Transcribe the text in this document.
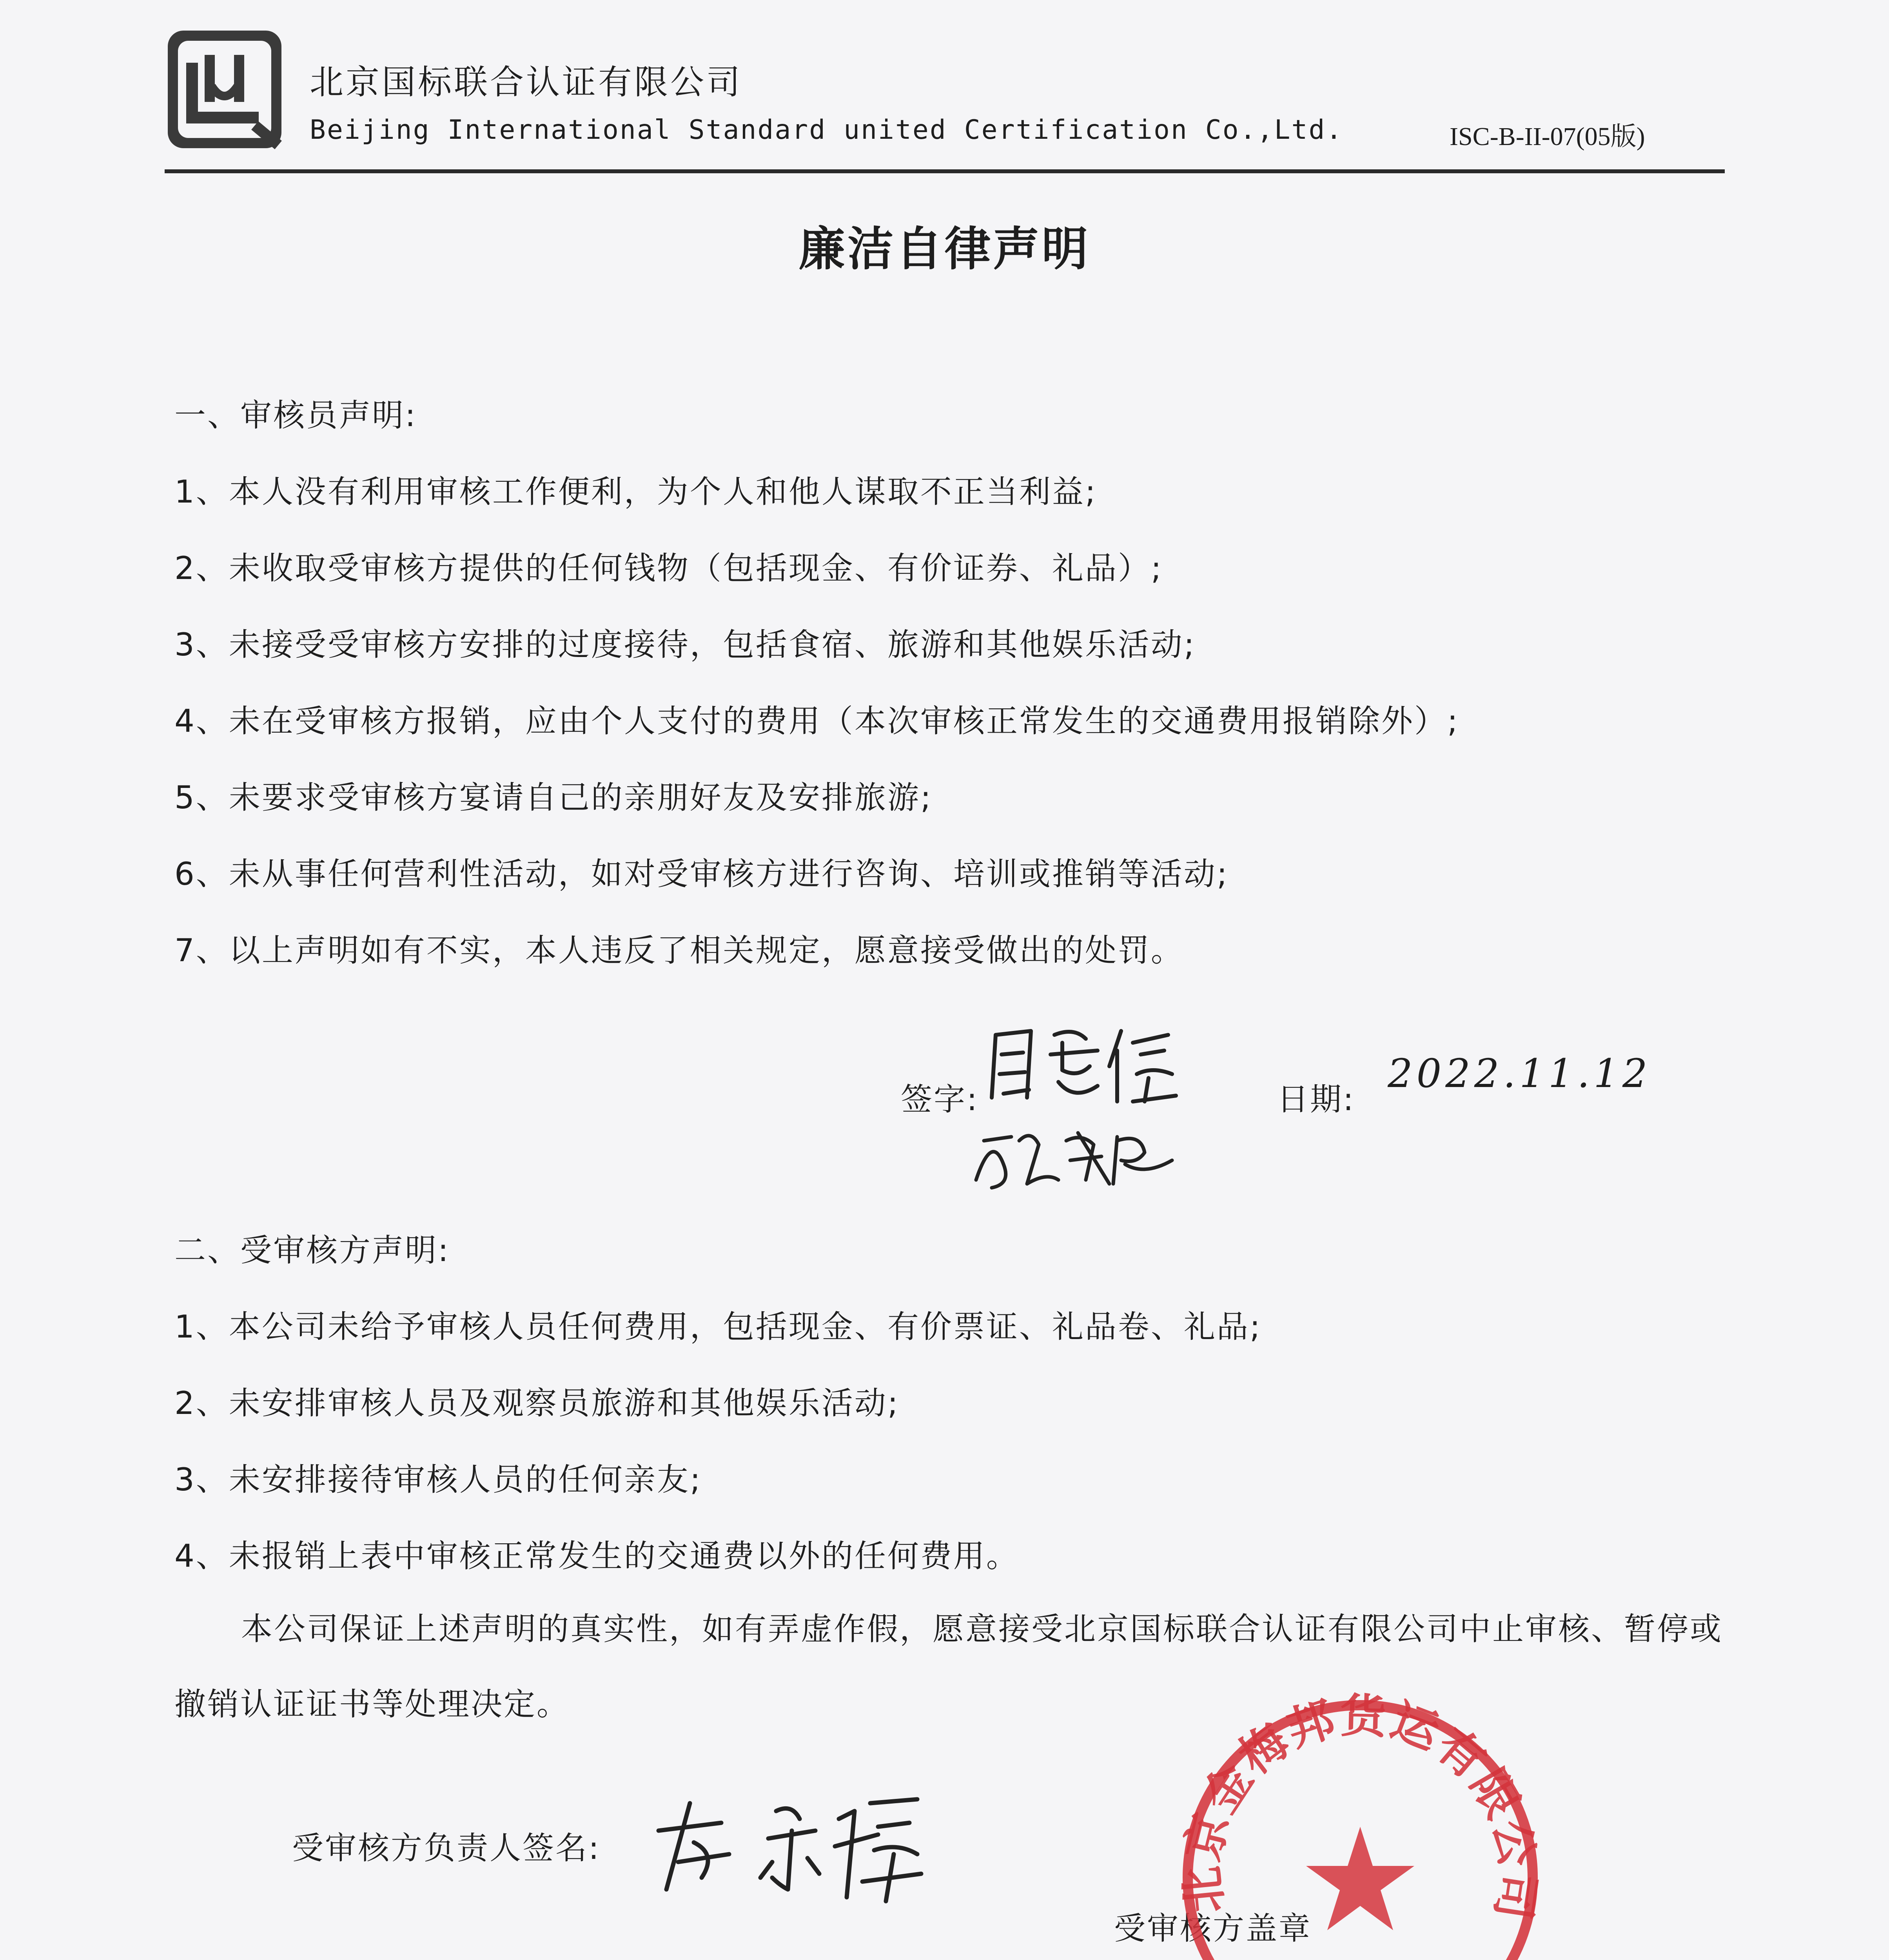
北京国标联合认证有限公司
Beijing International Standard united Certification Co.,Ltd.	ISC-B-II-07(05版)
廉洁自律声明
一、审核员声明:
1、本人没有利用审核工作便利，为个人和他人谋取不正当利益;
2、未收取受审核方提供的任何钱物（包括现金、有价证券、礼品）;
3、未接受受审核方安排的过度接待，包括食宿、旅游和其他娱乐活动;
4、未在受审核方报销，应由个人支付的费用（本次审核正常发生的交通费用报销除外）;
5、未要求受审核方宴请自己的亲朋好友及安排旅游;
6、未从事任何营利性活动，如对受审核方进行咨询、培训或推销等活动;
7、以上声明如有不实，本人违反了相关规定，愿意接受做出的处罚。
签字:	日期:
2022.11.12
二、受审核方声明:
1、本公司未给予审核人员任何费用，包括现金、有价票证、礼品卷、礼品;
2、未安排审核人员及观察员旅游和其他娱乐活动;
3、未安排接待审核人员的任何亲友;
4、未报销上表中审核正常发生的交通费以外的任何费用。
本公司保证上述声明的真实性，如有弄虚作假，愿意接受北京国标联合认证有限公司中止审核、暂停或撤销认证证书等处理决定。
受审核方负责人签名:
受审核方盖章
北京金梅邦货运有限公司
